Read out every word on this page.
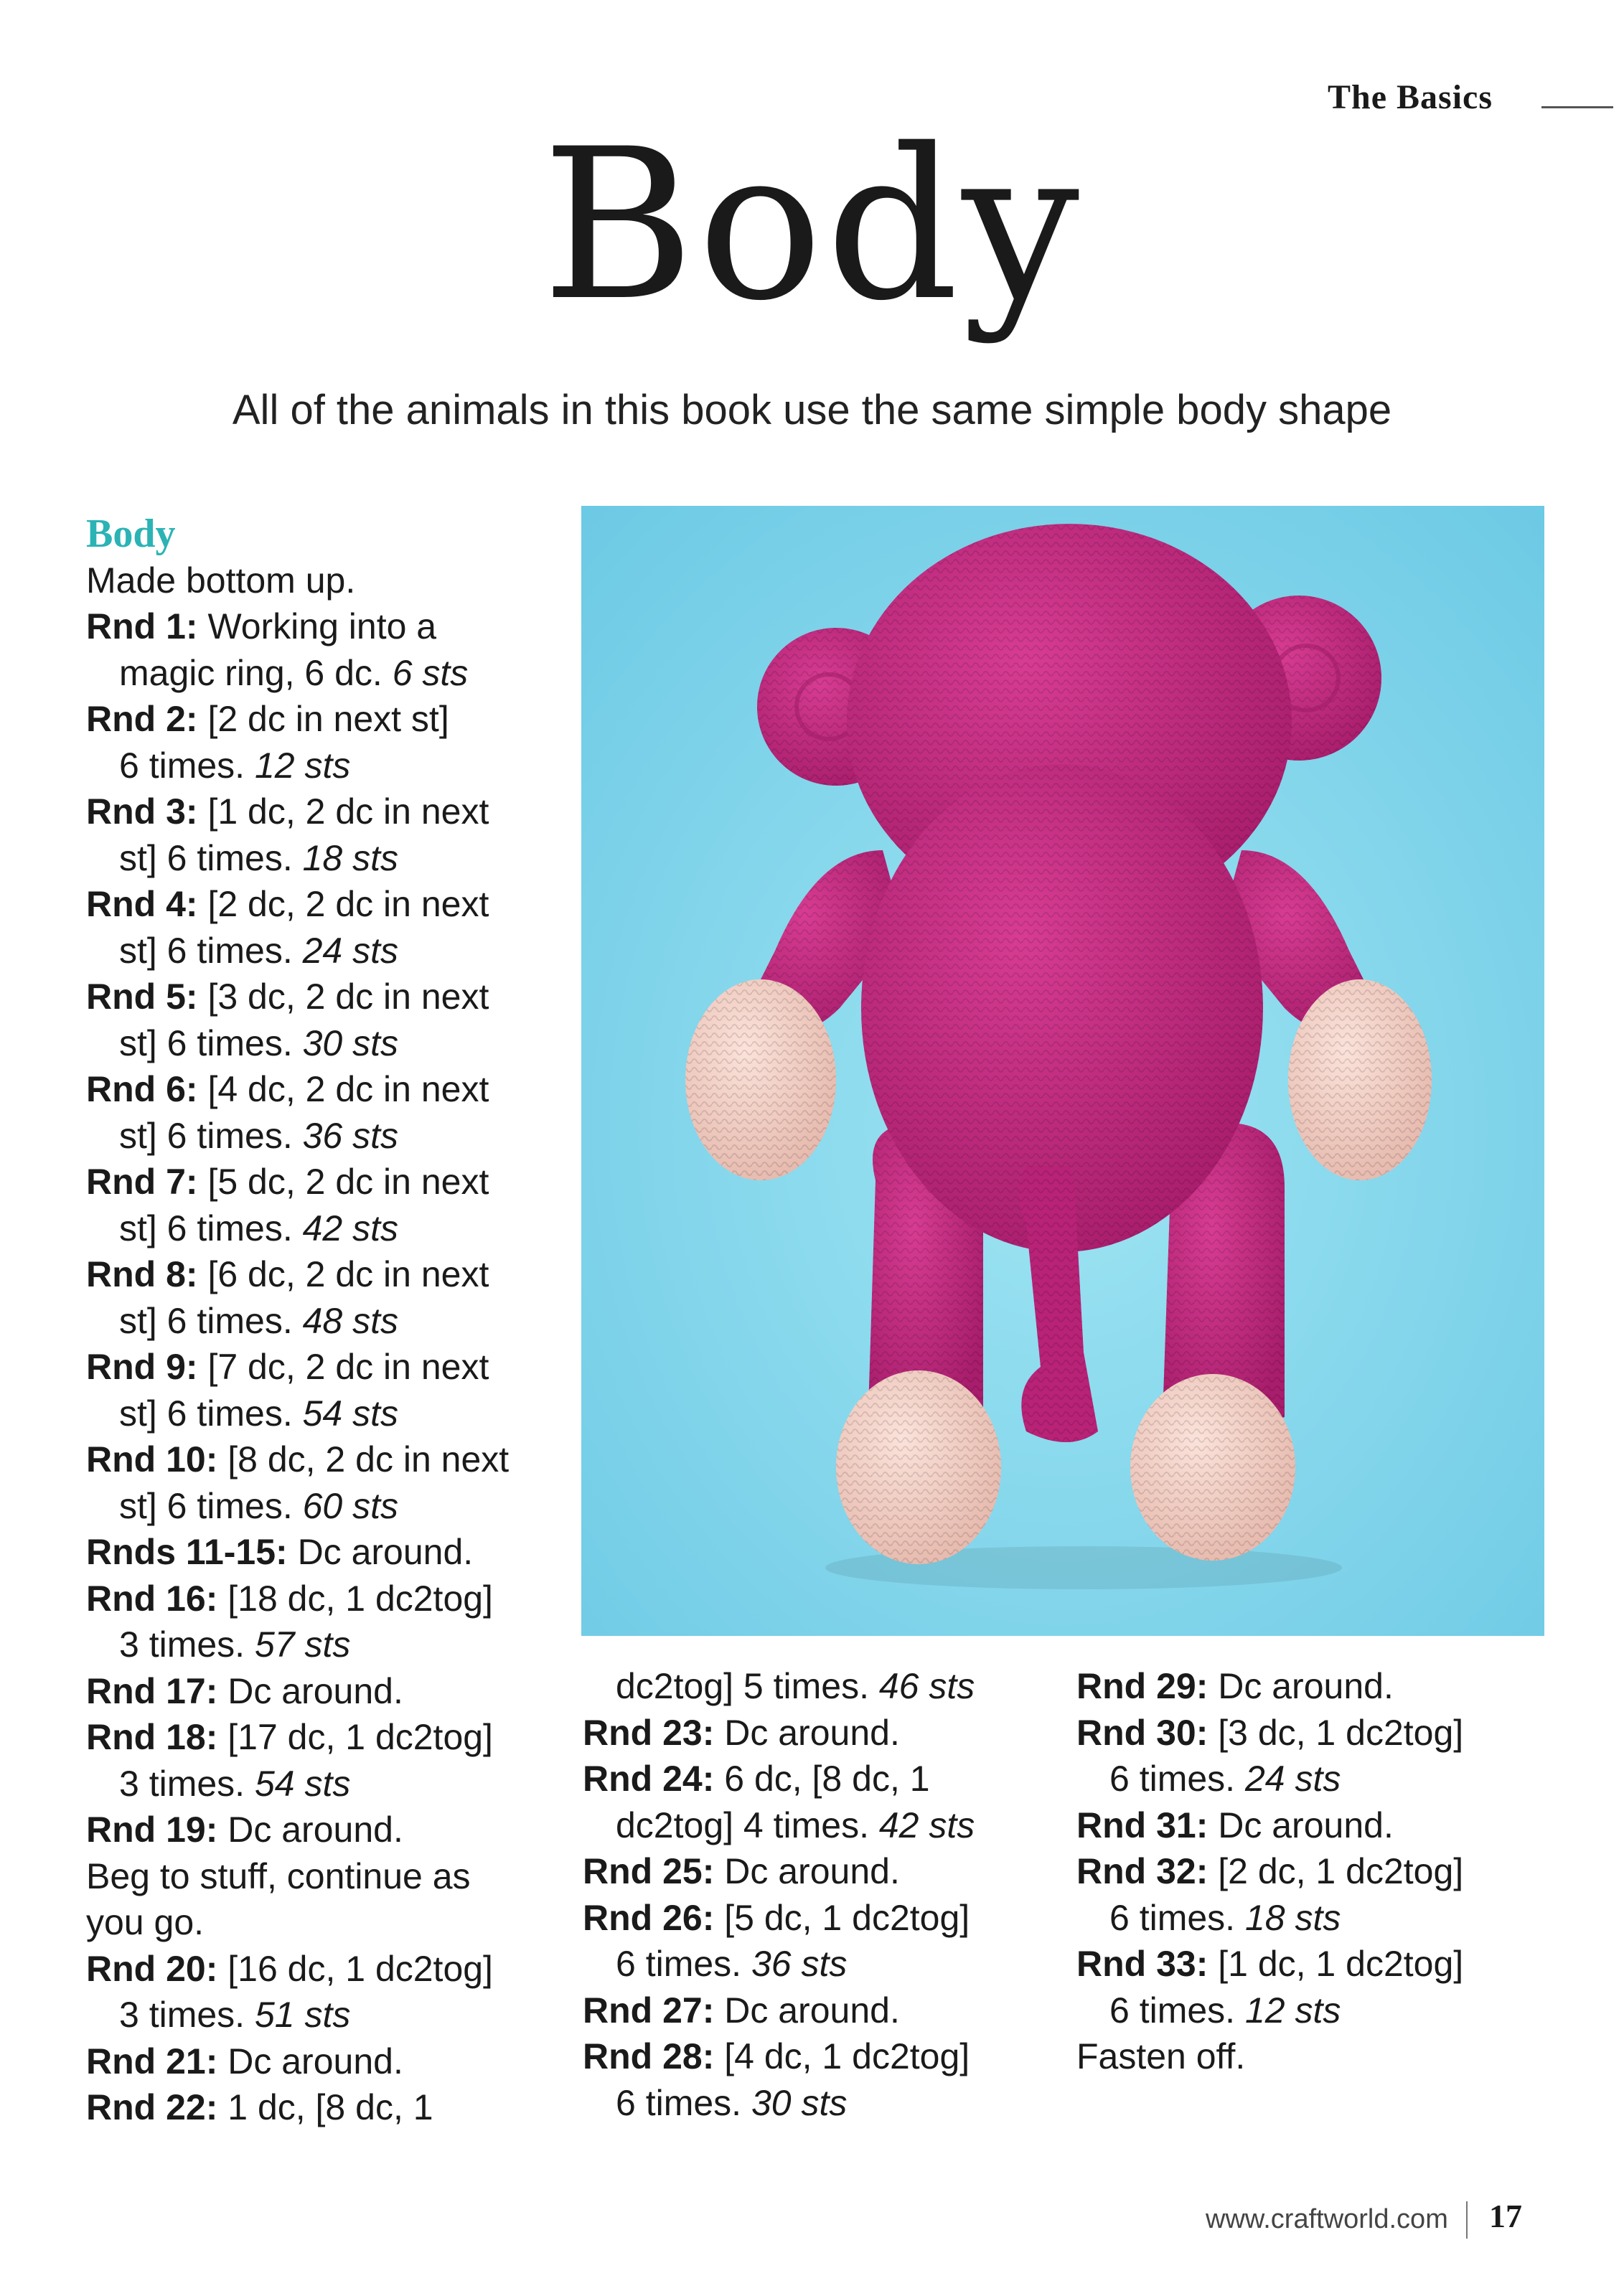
The Basics
Body
All of the animals in this book use the same simple body shape
Body
Made bottom up.
Rnd 1: Working into a
magic ring, 6 dc. 6 sts
Rnd 2: [2 dc in next st]
6 times. 12 sts
Rnd 3: [1 dc, 2 dc in next
st] 6 times. 18 sts
Rnd 4: [2 dc, 2 dc in next
st] 6 times. 24 sts
Rnd 5: [3 dc, 2 dc in next
st] 6 times. 30 sts
Rnd 6: [4 dc, 2 dc in next
st] 6 times. 36 sts
Rnd 7: [5 dc, 2 dc in next
st] 6 times. 42 sts
Rnd 8: [6 dc, 2 dc in next
st] 6 times. 48 sts
Rnd 9: [7 dc, 2 dc in next
st] 6 times. 54 sts
Rnd 10: [8 dc, 2 dc in next
st] 6 times. 60 sts
Rnds 11-15: Dc around.
Rnd 16: [18 dc, 1 dc2tog]
3 times. 57 sts
Rnd 17: Dc around.
Rnd 18: [17 dc, 1 dc2tog]
3 times. 54 sts
Rnd 19: Dc around.
Beg to stuff, continue as
you go.
Rnd 20: [16 dc, 1 dc2tog]
3 times. 51 sts
Rnd 21: Dc around.
Rnd 22: 1 dc, [8 dc, 1
dc2tog] 5 times. 46 sts
Rnd 23: Dc around.
Rnd 24: 6 dc, [8 dc, 1
dc2tog] 4 times. 42 sts
Rnd 25: Dc around.
Rnd 26: [5 dc, 1 dc2tog]
6 times. 36 sts
Rnd 27: Dc around.
Rnd 28: [4 dc, 1 dc2tog]
6 times. 30 sts
Rnd 29: Dc around.
Rnd 30: [3 dc, 1 dc2tog]
6 times. 24 sts
Rnd 31: Dc around.
Rnd 32: [2 dc, 1 dc2tog]
6 times. 18 sts
Rnd 33: [1 dc, 1 dc2tog]
6 times. 12 sts
Fasten off.
www.craftworld.com 17
